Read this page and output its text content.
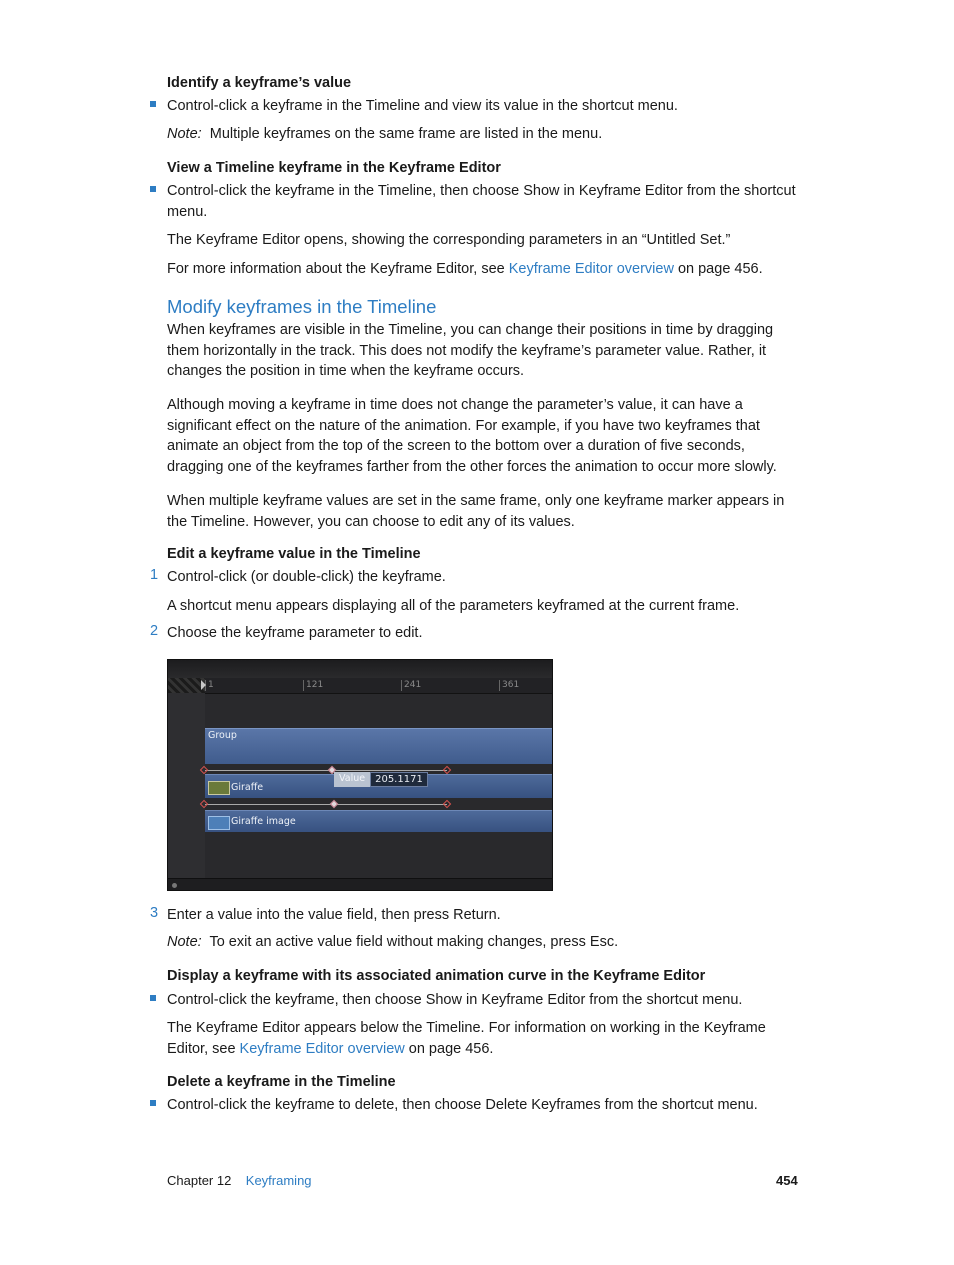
Identify a keyframe’s value
Control-click a keyframe in the Timeline and view its value in the shortcut menu.
Note: Multiple keyframes on the same frame are listed in the menu.
View a Timeline keyframe in the Keyframe Editor
Control-click the keyframe in the Timeline, then choose Show in Keyframe Editor from the shortcut menu.
The Keyframe Editor opens, showing the corresponding parameters in an “Untitled Set.”
For more information about the Keyframe Editor, see Keyframe Editor overview on page 456.
Modify keyframes in the Timeline
When keyframes are visible in the Timeline, you can change their positions in time by dragging them horizontally in the track. This does not modify the keyframe’s parameter value. Rather, it changes the position in time when the keyframe occurs.
Although moving a keyframe in time does not change the parameter’s value, it can have a significant effect on the nature of the animation. For example, if you have two keyframes that animate an object from the top of the screen to the bottom over a duration of five seconds, dragging one of the keyframes farther from the other forces the animation to occur more slowly.
When multiple keyframe values are set in the same frame, only one keyframe marker appears in the Timeline. However, you can choose to edit any of its values.
Edit a keyframe value in the Timeline
1 Control-click (or double-click) the keyframe.
A shortcut menu appears displaying all of the parameters keyframed at the current frame.
2 Choose the keyframe parameter to edit.
1	121	241	361
Group
Giraffe
Value	205.1171
Giraffe image
3 Enter a value into the value field, then press Return.
Note: To exit an active value field without making changes, press Esc.
Display a keyframe with its associated animation curve in the Keyframe Editor
Control-click the keyframe, then choose Show in Keyframe Editor from the shortcut menu.
The Keyframe Editor appears below the Timeline. For information on working in the Keyframe Editor, see Keyframe Editor overview on page 456.
Delete a keyframe in the Timeline
Control-click the keyframe to delete, then choose Delete Keyframes from the shortcut menu.
Chapter 12 Keyframing	454
